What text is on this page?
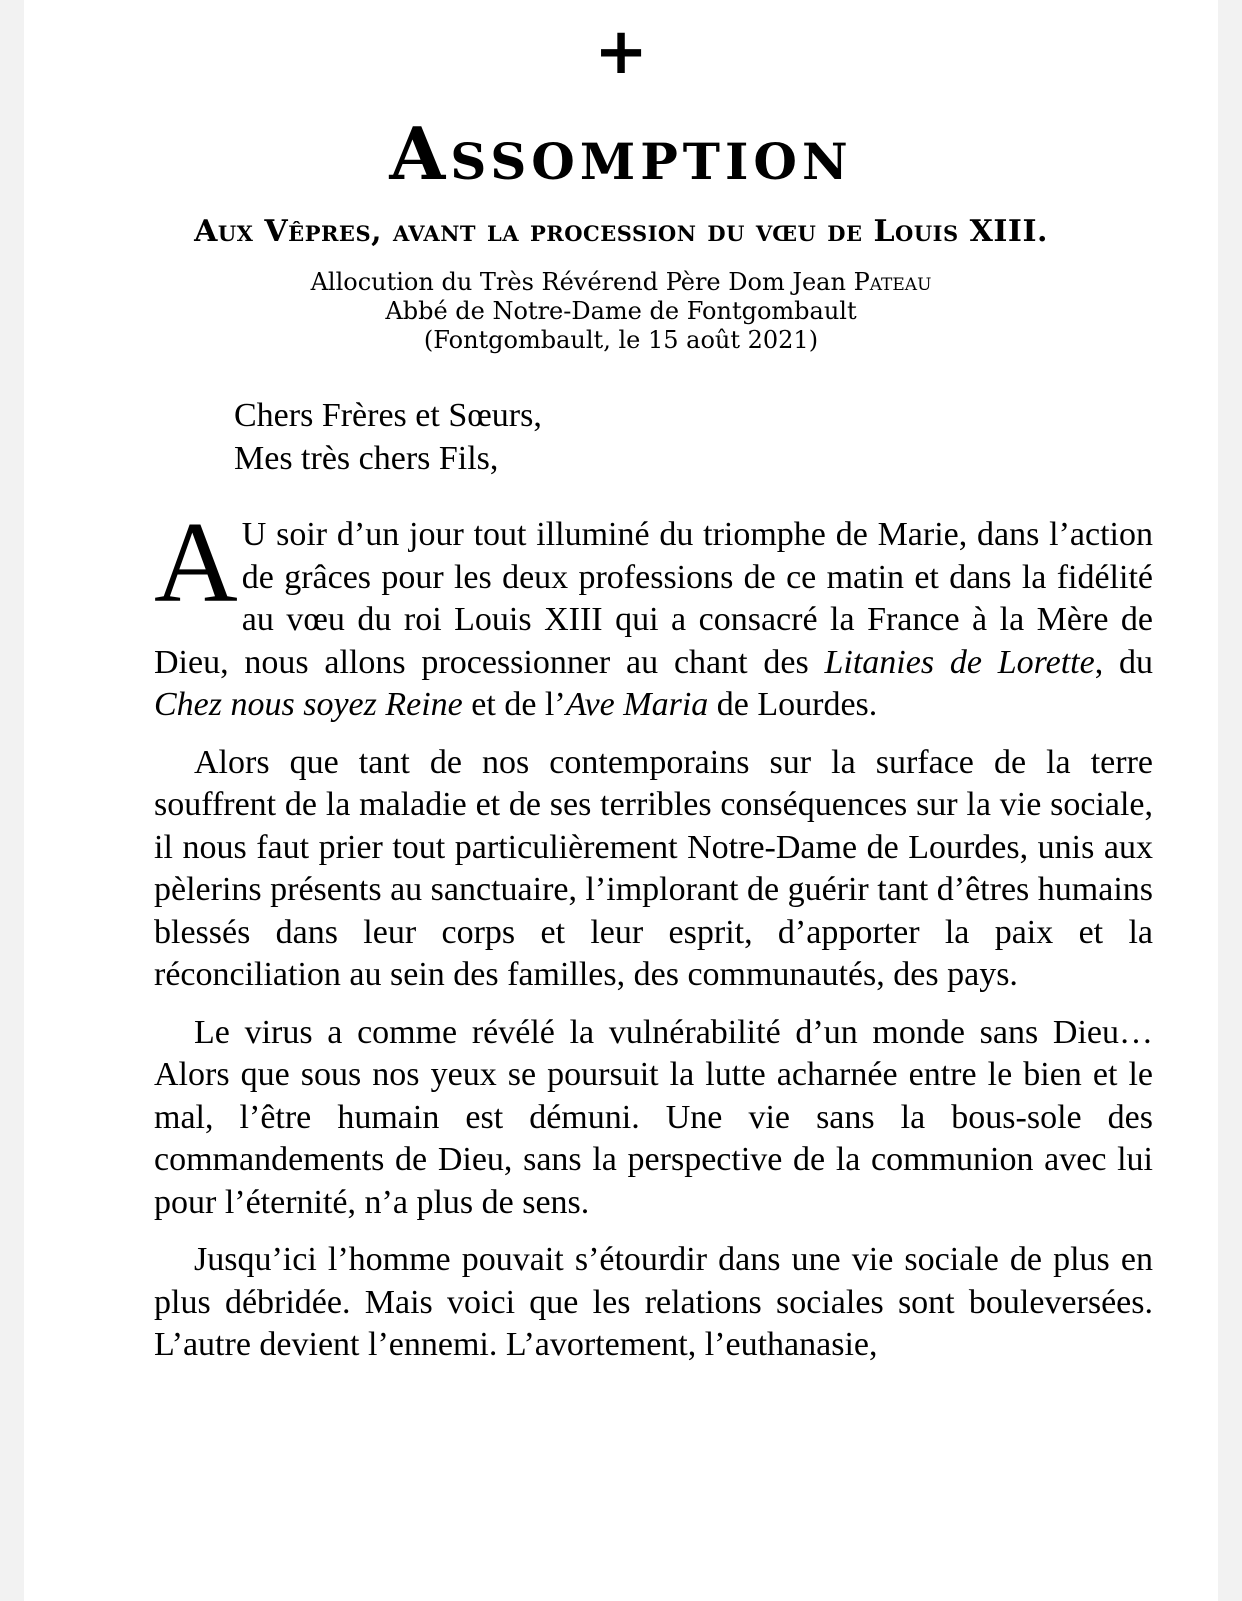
+
Assomption
Aux Vêpres, avant la procession du vœu de Louis XIII.
Allocution du Très Révérend Père Dom Jean Pateau
Abbé de Notre-Dame de Fontgombault
(Fontgombault, le 15 août 2021)
Chers Frères et Sœurs,
Mes très chers Fils,

A U soir d’un jour tout illuminé du triomphe de Marie, dans l’action de grâces pour les deux professions de ce matin et dans la fidélité au vœu du roi Louis XIII qui a consacré la France à la Mère de Dieu, nous allons processionner au chant des Litanies de Lorette, du Chez nous soyez Reine et de l’Ave Maria de Lourdes.

Alors que tant de nos contemporains sur la surface de la terre souffrent de la maladie et de ses terribles conséquences sur la vie sociale, il nous faut prier tout particulièrement Notre-Dame de Lourdes, unis aux pèlerins présents au sanctuaire, l’implorant de guérir tant d’êtres humains blessés dans leur corps et leur esprit, d’apporter la paix et la réconciliation au sein des familles, des communautés, des pays.

Le virus a comme révélé la vulnérabilité d’un monde sans Dieu… Alors que sous nos yeux se poursuit la lutte acharnée entre le bien et le mal, l’être humain est démuni. Une vie sans la bous-sole des commandements de Dieu, sans la perspective de la communion avec lui pour l’éternité, n’a plus de sens.

Jusqu’ici l’homme pouvait s’étourdir dans une vie sociale de plus en plus débridée. Mais voici que les relations sociales sont bouleversées. L’autre devient l’ennemi. L’avortement, l’euthanasie,
